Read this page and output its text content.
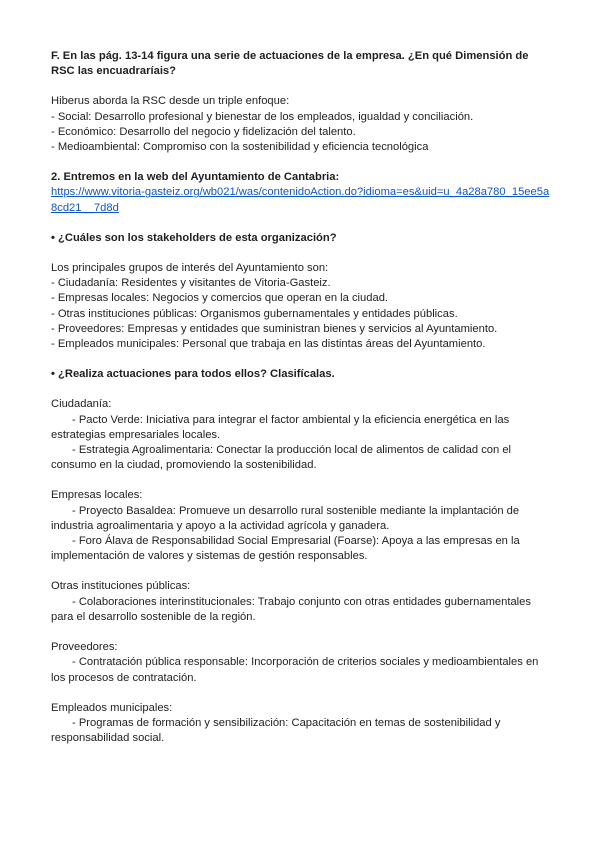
F. En las pág. 13-14 figura una serie de actuaciones de la empresa. ¿En qué Dimensión de RSC las encuadraríais?

Hiberus aborda la RSC desde un triple enfoque:

- Social: Desarrollo profesional y bienestar de los empleados, igualdad y conciliación.

- Económico: Desarrollo del negocio y fidelización del talento.

- Medioambiental: Compromiso con la sostenibilidad y eficiencia tecnológica

2. Entremos en la web del Ayuntamiento de Cantabria:

https://www.vitoria-gasteiz.org/wb021/was/contenidoAction.do?idioma=es&uid=u_4a28a780_15ee5a8cd21__7d8d

• ¿Cuáles son los stakeholders de esta organización?

Los principales grupos de interés del Ayuntamiento son:

- Ciudadanía: Residentes y visitantes de Vitoria-Gasteiz.

- Empresas locales: Negocios y comercios que operan en la ciudad.

- Otras instituciones públicas: Organismos gubernamentales y entidades públicas.

- Proveedores: Empresas y entidades que suministran bienes y servicios al Ayuntamiento.

- Empleados municipales: Personal que trabaja en las distintas áreas del Ayuntamiento.

• ¿Realiza actuaciones para todos ellos? Clasifícalas.

Ciudadanía:

- Pacto Verde: Iniciativa para integrar el factor ambiental y la eficiencia energética en las estrategias empresariales locales.

- Estrategia Agroalimentaria: Conectar la producción local de alimentos de calidad con el consumo en la ciudad, promoviendo la sostenibilidad.

Empresas locales:

- Proyecto Basaldea: Promueve un desarrollo rural sostenible mediante la implantación de industria agroalimentaria y apoyo a la actividad agrícola y ganadera.

- Foro Álava de Responsabilidad Social Empresarial (Foarse): Apoya a las empresas en la implementación de valores y sistemas de gestión responsables.

Otras instituciones públicas:

- Colaboraciones interinstitucionales: Trabajo conjunto con otras entidades gubernamentales para el desarrollo sostenible de la región.

Proveedores:

- Contratación pública responsable: Incorporación de criterios sociales y medioambientales en los procesos de contratación.

Empleados municipales:

- Programas de formación y sensibilización: Capacitación en temas de sostenibilidad y responsabilidad social.
